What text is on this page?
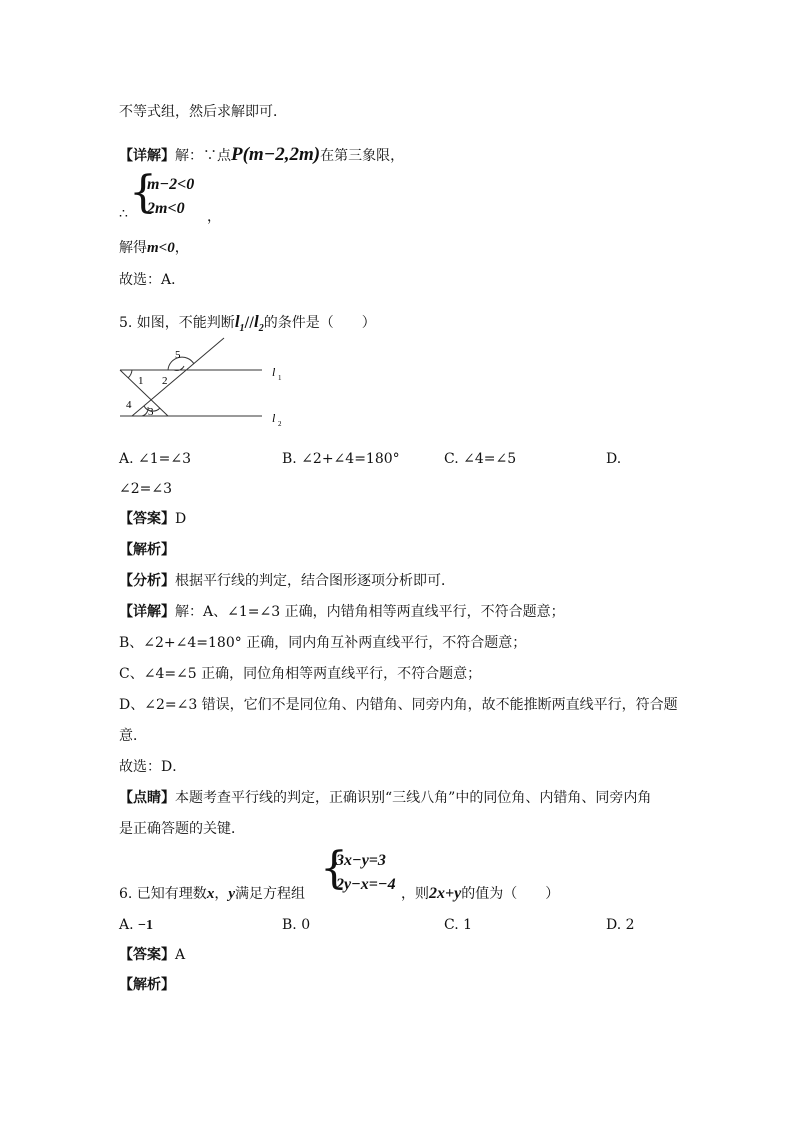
不等式组，然后求解即可．
【详解】解：∵点P(m−2,2m)在第三象限，
∴ {
m−2<0
2m<0 ，
解得m<0，
故选：A．
5. 如图，不能判断$l_1//l_2$的条件是（　　）
1 2
3
4
5
l 1
l 2
A. ∠1=∠3	B. ∠2+∠4=180°	C. ∠4=∠5	D.
∠2=∠3
【答案】D
【解析】
【分析】根据平行线的判定，结合图形逐项分析即可．
【详解】解：A、∠1=∠3 正确，内错角相等两直线平行，不符合题意；
B、∠2+∠4=180° 正确，同内角互补两直线平行，不符合题意；
C、∠4=∠5 正确，同位角相等两直线平行，不符合题意；
D、∠2=∠3 错误，它们不是同位角、内错角、同旁内角，故不能推断两直线平行，符合题
意．
故选：D．
【点睛】本题考查平行线的判定，正确识别“三线八角”中的同位角、内错角、同旁内角
是正确答题的关键．
{
3x−y=3
2y−x=−4
6. 已知有理数x，y满足方程组	，则2x+y的值为（　　）
A. −1	B. 0	C. 1	D. 2
【答案】A
【解析】
